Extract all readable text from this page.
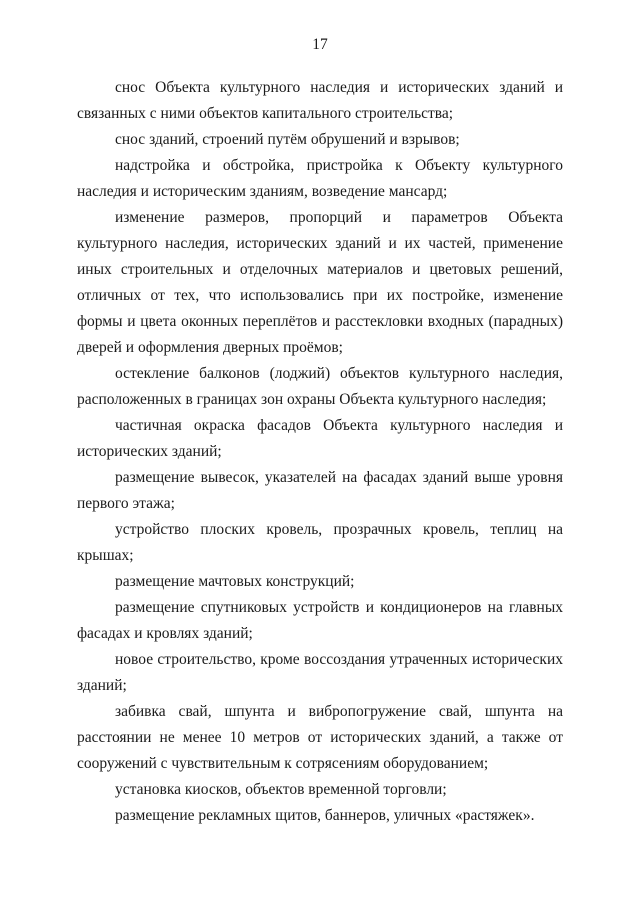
17

снос Объекта культурного наследия и исторических зданий и связанных с ними объектов капитального строительства;

снос зданий, строений путём обрушений и взрывов;

надстройка и обстройка, пристройка к Объекту культурного наследия и историческим зданиям, возведение мансард;

изменение размеров, пропорций и параметров Объекта культурного наследия, исторических зданий и их частей, применение иных строительных и отделочных материалов и цветовых решений, отличных от тех, что использовались при их постройке, изменение формы и цвета оконных переплётов и расстекловки входных (парадных) дверей и оформления дверных проёмов;

остекление балконов (лоджий) объектов культурного наследия, расположенных в границах зон охраны Объекта культурного наследия;

частичная окраска фасадов Объекта культурного наследия и исторических зданий;

размещение вывесок, указателей на фасадах зданий выше уровня первого этажа;

устройство плоских кровель, прозрачных кровель, теплиц на крышах;

размещение мачтовых конструкций;

размещение спутниковых устройств и кондиционеров на главных фасадах и кровлях зданий;

новое строительство, кроме воссоздания утраченных исторических зданий;

забивка свай, шпунта и вибропогружение свай, шпунта на расстоянии не менее 10 метров от исторических зданий, а также от сооружений с чувствительным к сотрясениям оборудованием;

установка киосков, объектов временной торговли;

размещение рекламных щитов, баннеров, уличных «растяжек».
